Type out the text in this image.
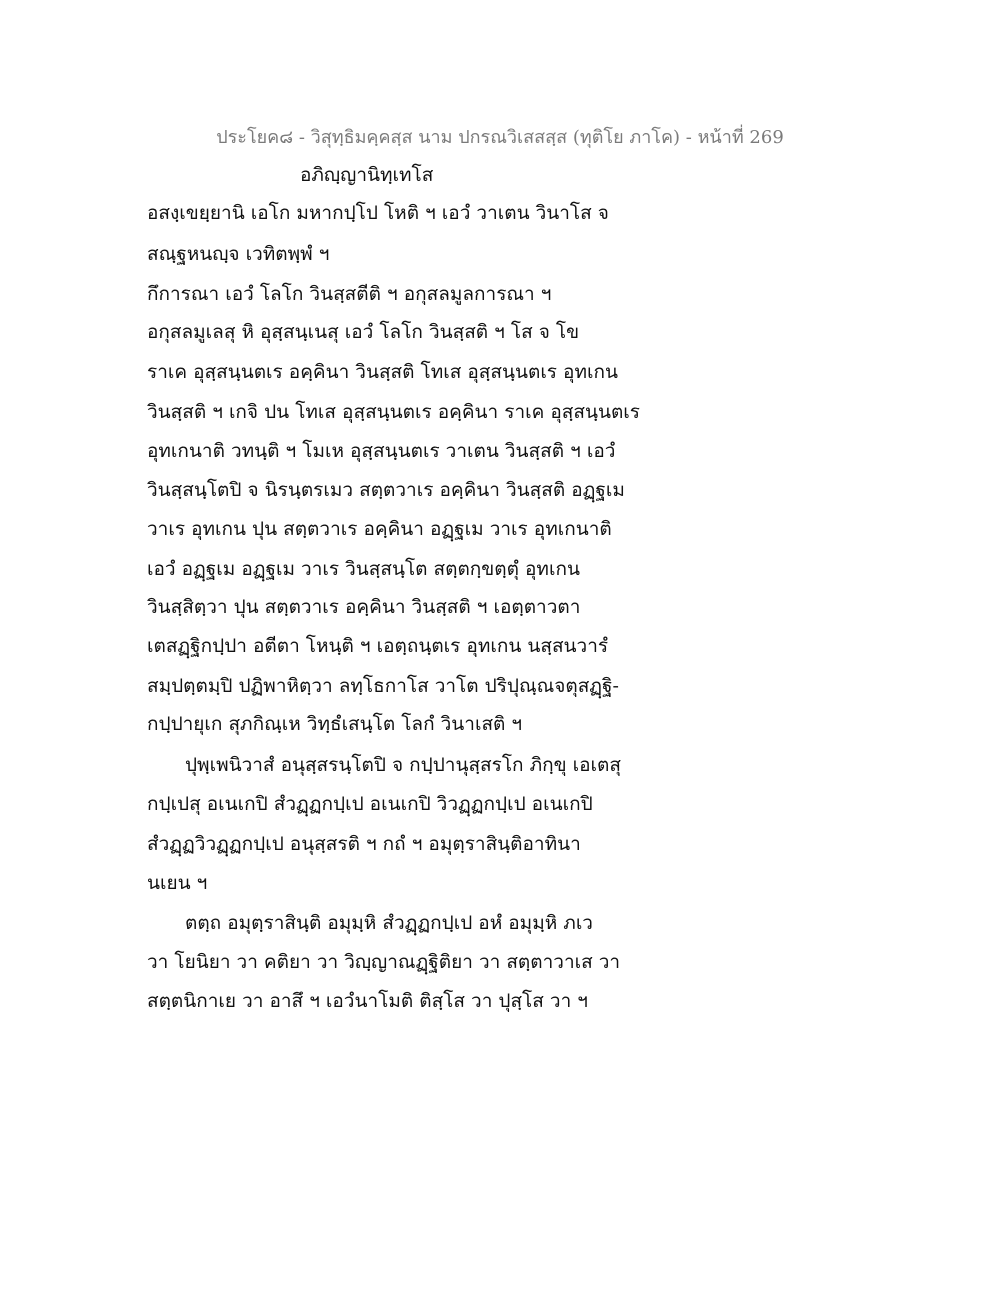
ประโยค๘ - วิสุทฺธิมคฺคสฺส นาม ปกรณวิเสสสฺส (ทุติโย ภาโค) - หน้าที่ 269
อภิญฺญานิทฺเทโส
อสงฺเขยฺยานิ เอโก มหากปฺโป โหติ ฯ เอวํ วาเตน วินาโส จ
สณฺฐหนญฺจ เวทิตพฺพํ ฯ
กึการณา เอวํ โลโก วินสฺสตีติ ฯ อกุสลมูลการณา ฯ
อกุสลมูเลสุ หิ อุสฺสนฺเนสุ เอวํ โลโก วินสฺสติ ฯ โส จ โข
ราเค อุสฺสนฺนตเร อคฺคินา วินสฺสติ โทเส อุสฺสนฺนตเร อุทเกน
วินสฺสติ ฯ เกจิ ปน โทเส อุสฺสนฺนตเร อคฺคินา ราเค อุสฺสนฺนตเร
อุทเกนาติ วทนฺติ ฯ โมเห อุสฺสนฺนตเร วาเตน วินสฺสติ ฯ เอวํ
วินสฺสนฺโตปิ จ นิรนฺตรเมว สตฺตวาเร อคฺคินา วินสฺสติ อฏฺฐเม
วาเร อุทเกน ปุน สตฺตวาเร อคฺคินา อฏฺฐเม วาเร อุทเกนาติ
เอวํ อฏฺฐเม อฏฺฐเม วาเร วินสฺสนฺโต สตฺตกฺขตฺตุํ อุทเกน
วินสฺสิตฺวา ปุน สตฺตวาเร อคฺคินา วินสฺสติ ฯ เอตฺตาวตา
เตสฏฺฐิกปฺปา อตีตา โหนฺติ ฯ เอตฺถนฺตเร อุทเกน นสฺสนวารํ
สมฺปตฺตมฺปิ ปฏิพาหิตฺวา ลทฺโธกาโส วาโต ปริปุณฺณจตุสฏฺฐิ-
กปฺปายุเก สุภกิณฺเห วิทฺธํเสนฺโต โลกํ วินาเสติ ฯ
ปุพฺเพนิวาสํ อนุสฺสรนฺโตปิ จ กปฺปานุสฺสรโก ภิกฺขุ เอเตสุ
กปฺเปสุ อเนเกปิ สํวฏฺฏกปฺเป อเนเกปิ วิวฏฺฏกปฺเป อเนเกปิ
สํวฏฺฏวิวฏฺฏกปฺเป อนุสฺสรติ ฯ กถํ ฯ อมุตฺราสินฺติอาทินา
นเยน ฯ
ตตฺถ อมุตฺราสินฺติ อมุมฺหิ สํวฏฺฏกปฺเป อหํ อมุมฺหิ ภเว
วา โยนิยา วา คติยา วา วิญฺญาณฏฺฐิติยา วา สตฺตาวาเส วา
สตฺตนิกาเย วา อาสึ ฯ เอวํนาโมติ ติสฺโส วา ปุสฺโส วา ฯ
